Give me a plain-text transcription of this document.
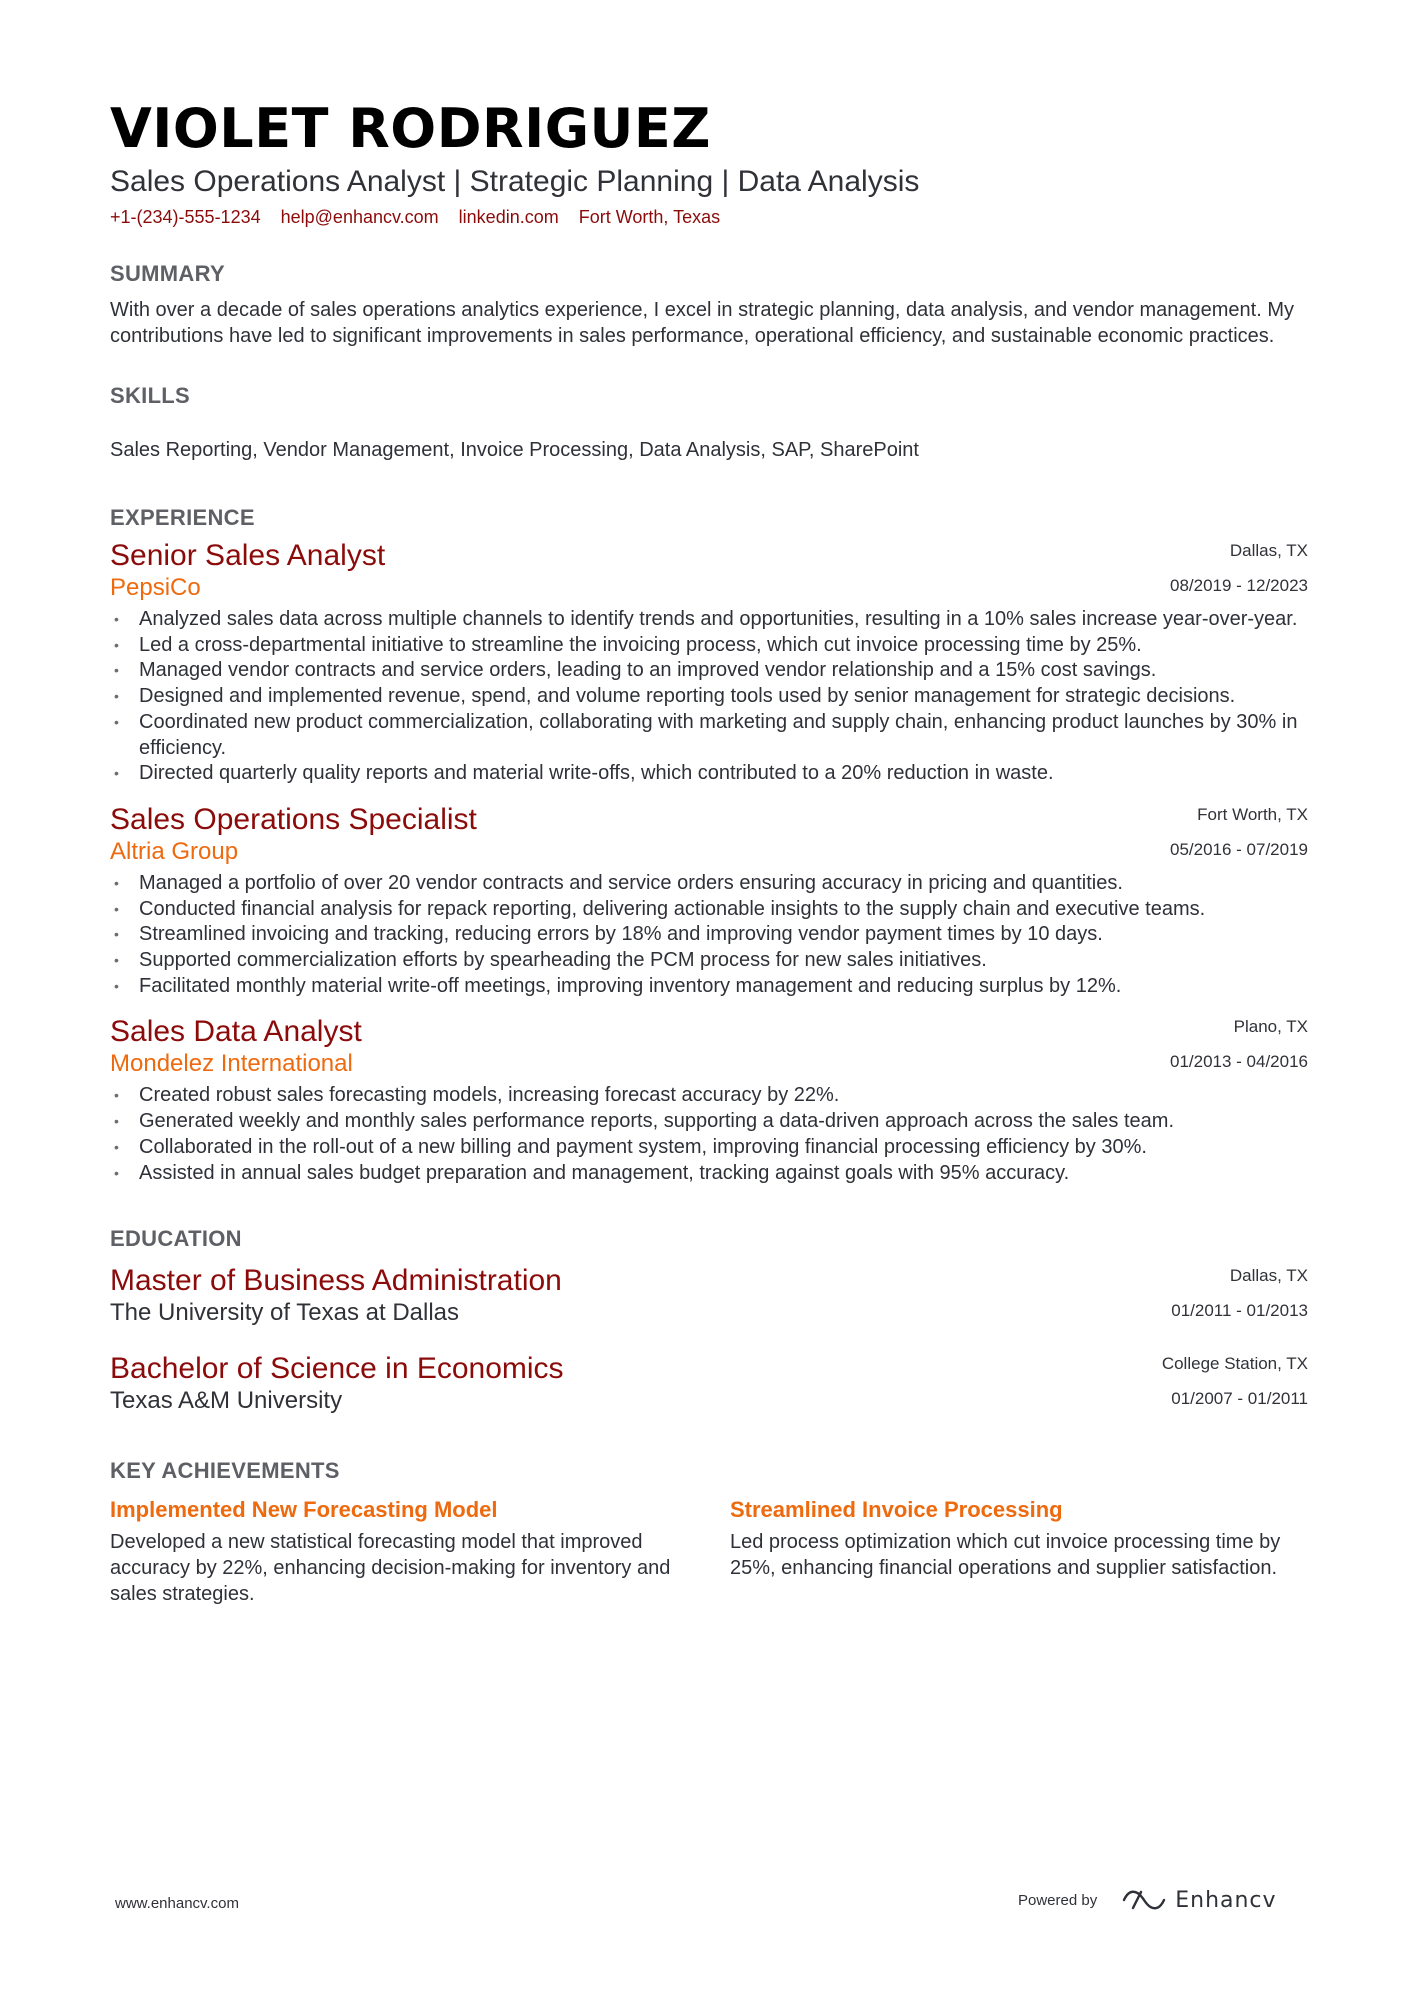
VIOLET RODRIGUEZ
Sales Operations Analyst | Strategic Planning | Data Analysis
+1-(234)-555-1234 help@enhancv.com linkedin.com Fort Worth, Texas
SUMMARY
With over a decade of sales operations analytics experience, I excel in strategic planning, data analysis, and vendor management. My contributions have led to significant improvements in sales performance, operational efficiency, and sustainable economic practices.
SKILLS
Sales Reporting, Vendor Management, Invoice Processing, Data Analysis, SAP, SharePoint
EXPERIENCE
Dallas, TX
08/2019 - 12/2023
Senior Sales Analyst
PepsiCo
• Analyzed sales data across multiple channels to identify trends and opportunities, resulting in a 10% sales increase year-over-year.
• Led a cross-departmental initiative to streamline the invoicing process, which cut invoice processing time by 25%.
• Managed vendor contracts and service orders, leading to an improved vendor relationship and a 15% cost savings.
• Designed and implemented revenue, spend, and volume reporting tools used by senior management for strategic decisions.
• Coordinated new product commercialization, collaborating with marketing and supply chain, enhancing product launches by 30% in efficiency.
• Directed quarterly quality reports and material write-offs, which contributed to a 20% reduction in waste.
Fort Worth, TX
05/2016 - 07/2019
Sales Operations Specialist
Altria Group
• Managed a portfolio of over 20 vendor contracts and service orders ensuring accuracy in pricing and quantities.
• Conducted financial analysis for repack reporting, delivering actionable insights to the supply chain and executive teams.
• Streamlined invoicing and tracking, reducing errors by 18% and improving vendor payment times by 10 days.
• Supported commercialization efforts by spearheading the PCM process for new sales initiatives.
• Facilitated monthly material write-off meetings, improving inventory management and reducing surplus by 12%.
Plano, TX
01/2013 - 04/2016
Sales Data Analyst
Mondelez International
• Created robust sales forecasting models, increasing forecast accuracy by 22%.
• Generated weekly and monthly sales performance reports, supporting a data-driven approach across the sales team.
• Collaborated in the roll-out of a new billing and payment system, improving financial processing efficiency by 30%.
• Assisted in annual sales budget preparation and management, tracking against goals with 95% accuracy.
EDUCATION
Dallas, TX
01/2011 - 01/2013
Master of Business Administration
The University of Texas at Dallas
College Station, TX
01/2007 - 01/2011
Bachelor of Science in Economics
Texas A&M University
KEY ACHIEVEMENTS
Implemented New Forecasting Model
Developed a new statistical forecasting model that improved accuracy by 22%, enhancing decision-making for inventory and sales strategies.
Streamlined Invoice Processing
Led process optimization which cut invoice processing time by 25%, enhancing financial operations and supplier satisfaction.
www.enhancv.com	Powered by	Enhancv
